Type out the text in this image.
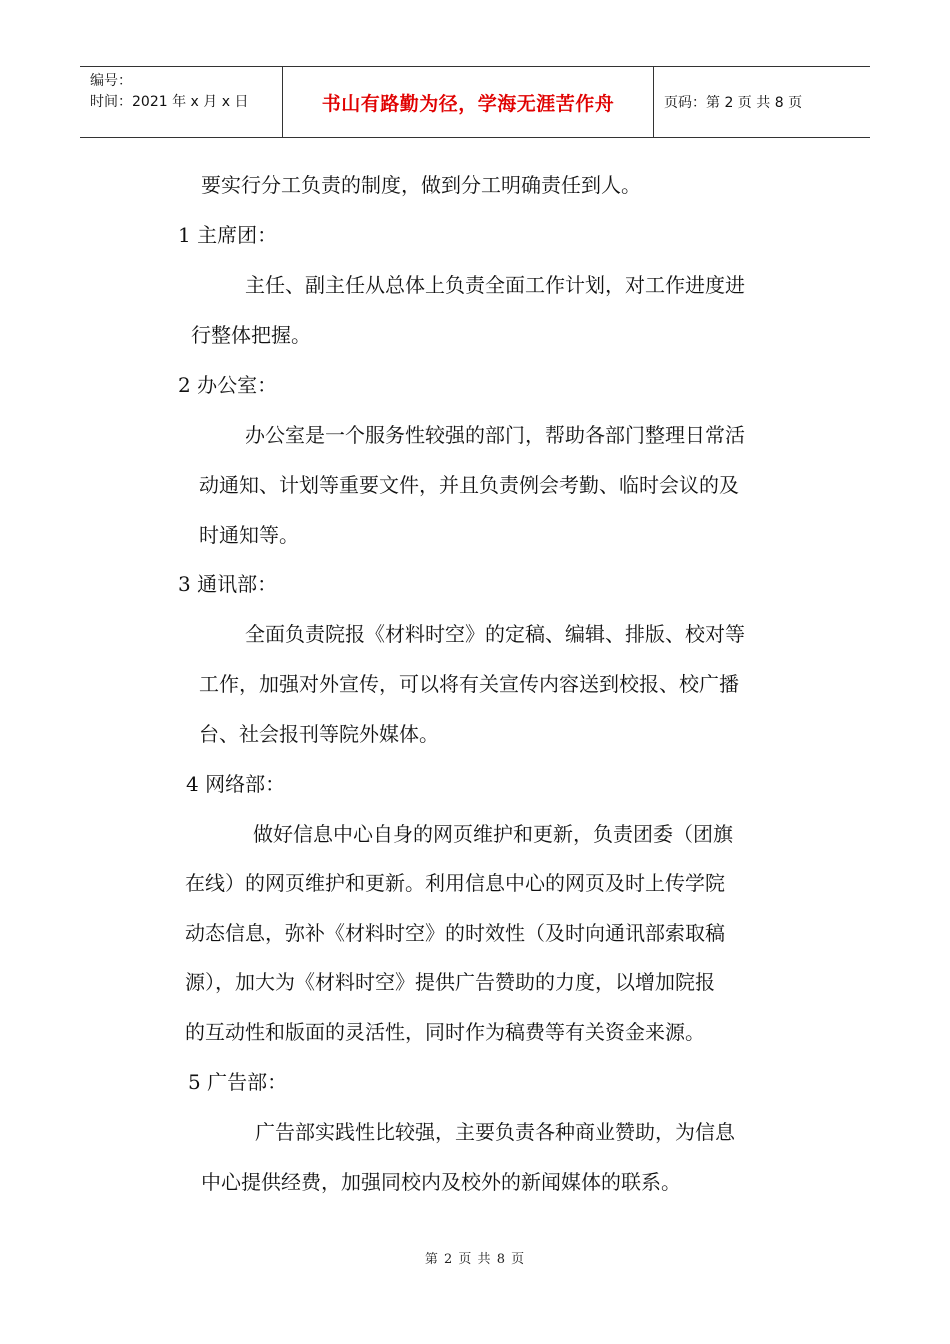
编号：
时间：2021 年 x 月 x 日	书山有路勤为径，学海无涯苦作舟	页码：第 2 页 共 8 页
要实行分工负责的制度，做到分工明确责任到人。
1 主席团：
主任、副主任从总体上负责全面工作计划，对工作进度进
行整体把握。
2 办公室：
办公室是一个服务性较强的部门，帮助各部门整理日常活
动通知、计划等重要文件，并且负责例会考勤、临时会议的及
时通知等。
3 通讯部：
全面负责院报《材料时空》的定稿、编辑、排版、校对等
工作，加强对外宣传，可以将有关宣传内容送到校报、校广播
台、社会报刊等院外媒体。
4 网络部：
做好信息中心自身的网页维护和更新，负责团委（团旗
在线）的网页维护和更新。利用信息中心的网页及时上传学院
动态信息，弥补《材料时空》的时效性（及时向通讯部索取稿
源），加大为《材料时空》提供广告赞助的力度，以增加院报
的互动性和版面的灵活性，同时作为稿费等有关资金来源。
5 广告部：
广告部实践性比较强，主要负责各种商业赞助，为信息
中心提供经费，加强同校内及校外的新闻媒体的联系。
第 2 页 共 8 页
